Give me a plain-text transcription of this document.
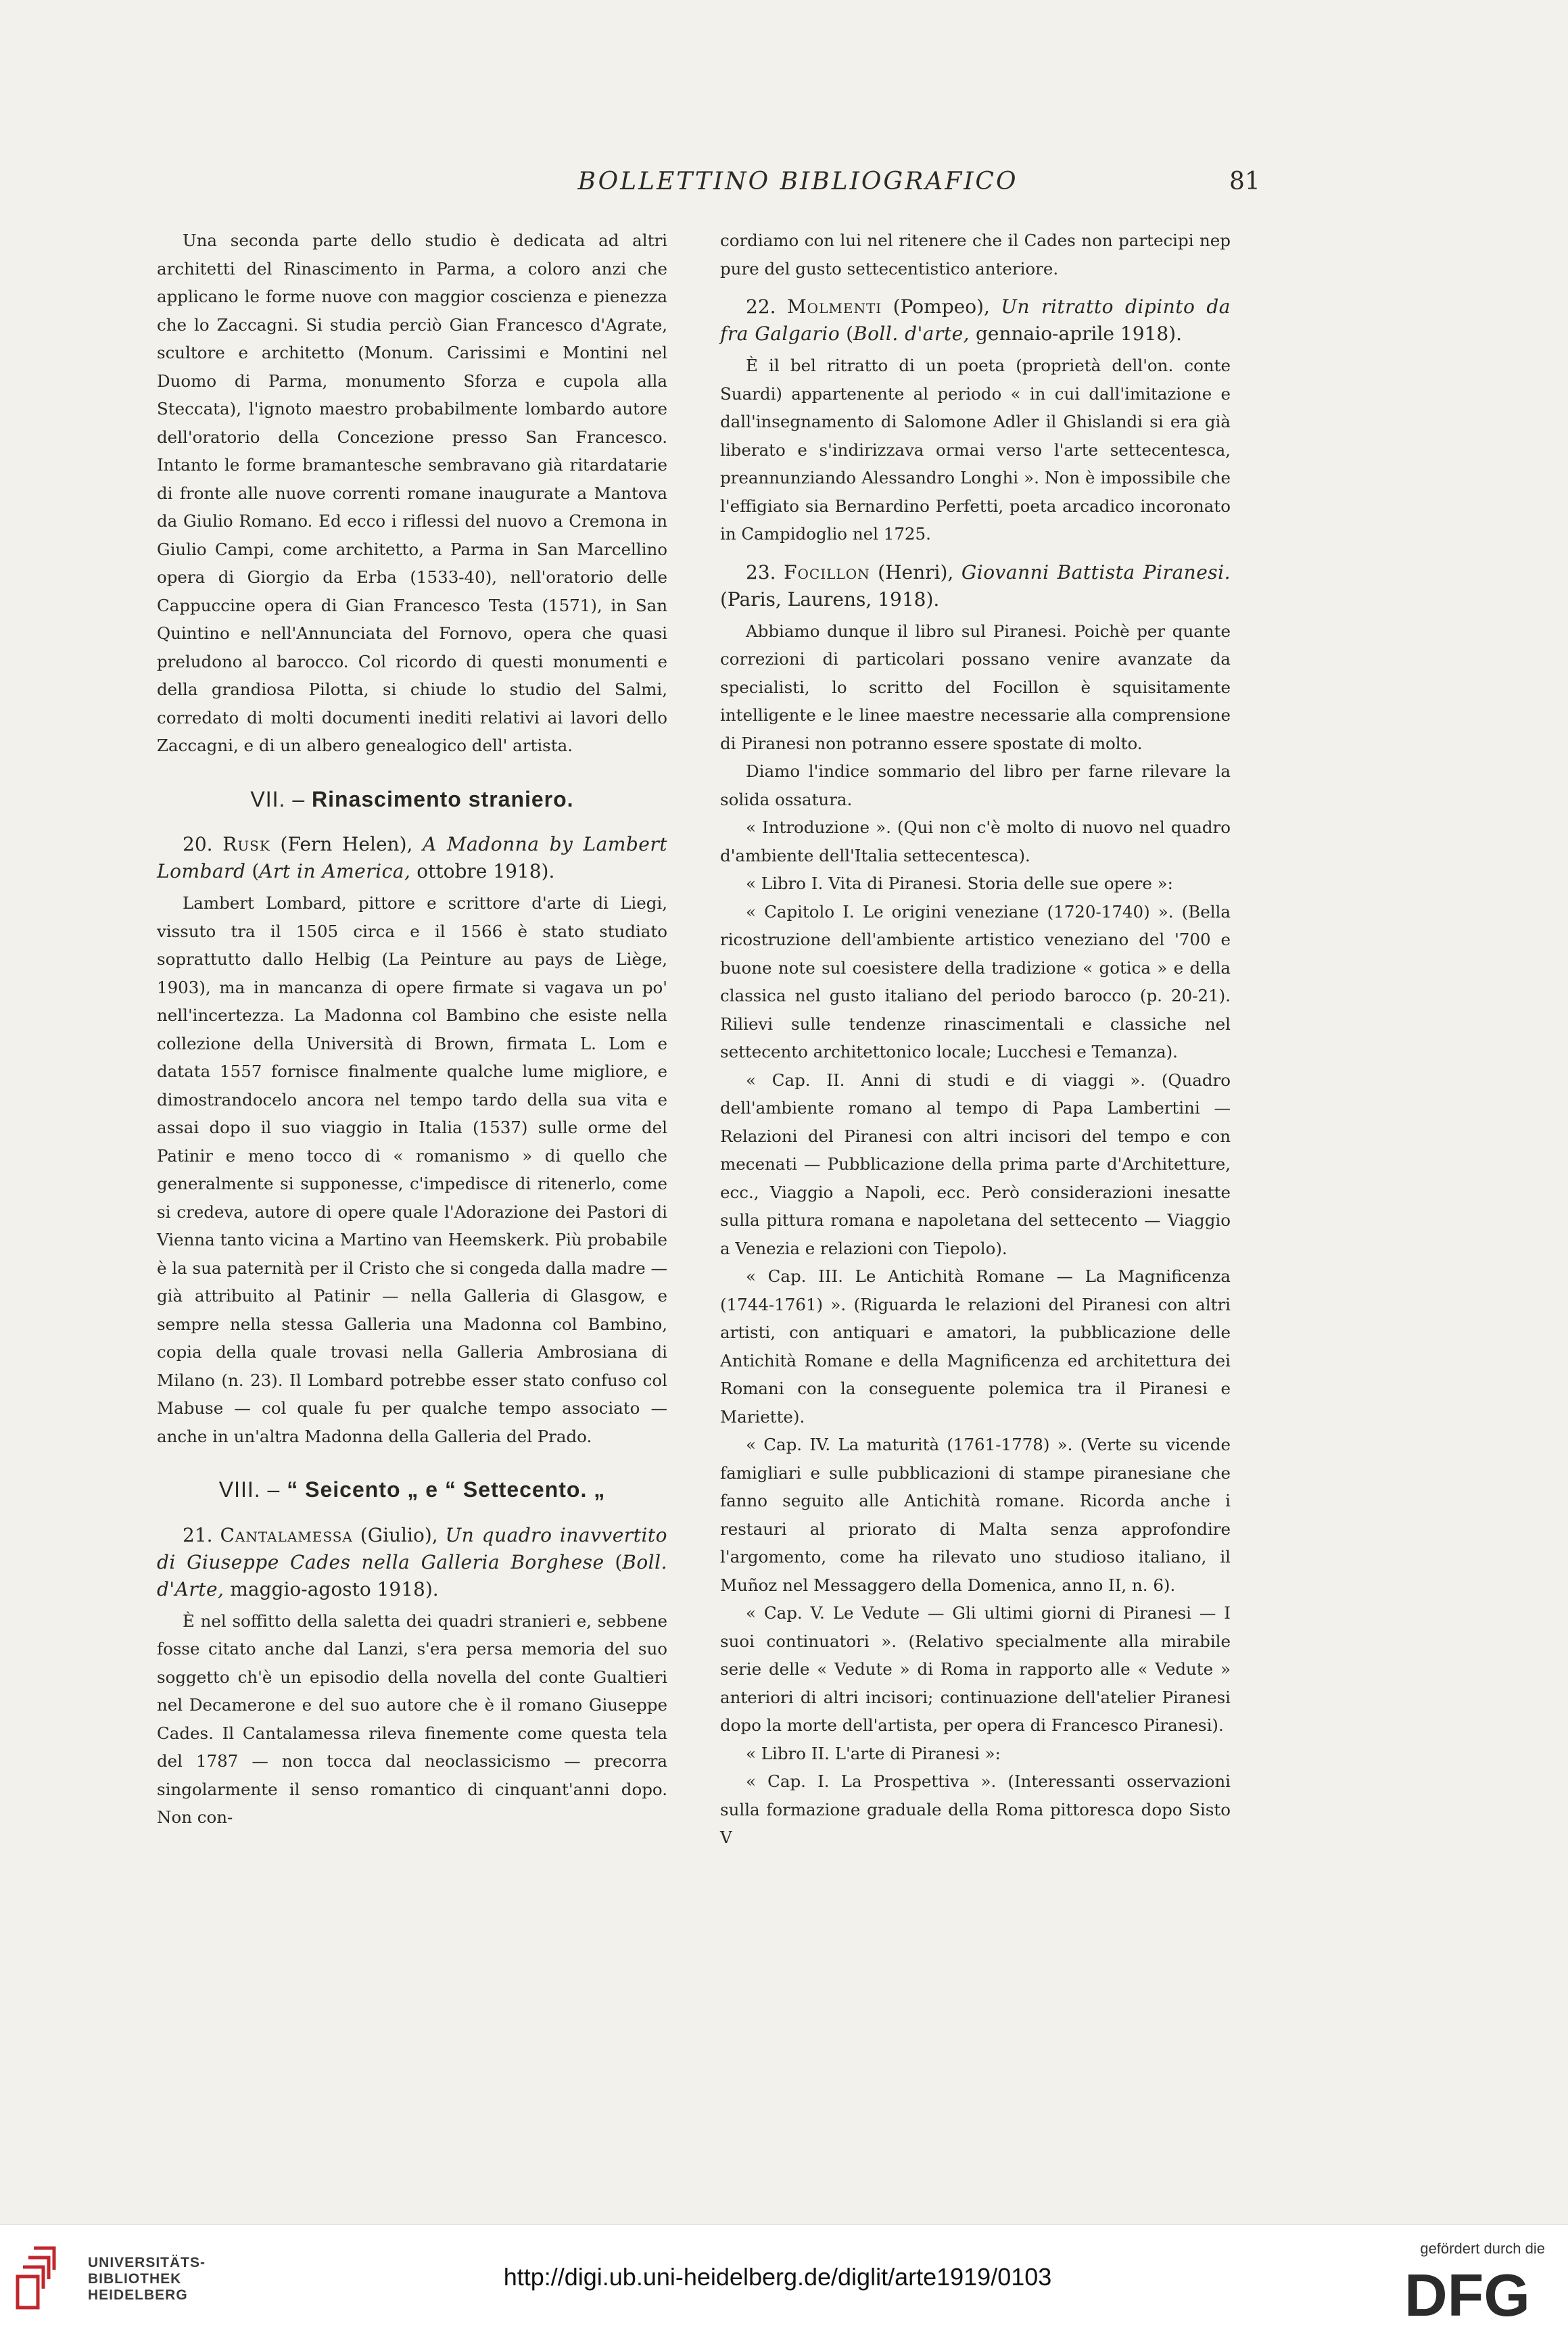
BOLLETTINO BIBLIOGRAFICO	81

Una seconda parte dello studio è dedicata ad altri architetti del Rinascimento in Parma, a coloro anzi che applicano le forme nuove con maggior coscienza e pienezza che lo Zaccagni. Si studia perciò Gian Francesco d'Agrate, scultore e architetto (Monum. Carissimi e Montini nel Duomo di Parma, monumento Sforza e cupola alla Steccata), l'ignoto maestro probabilmente lombardo autore dell'oratorio della Concezione presso San Francesco. Intanto le forme bramantesche sembravano già ritardatarie di fronte alle nuove correnti romane inaugurate a Mantova da Giulio Romano. Ed ecco i riflessi del nuovo a Cremona in Giulio Campi, come architetto, a Parma in San Marcellino opera di Giorgio da Erba (1533-40), nell'oratorio delle Cappuccine opera di Gian Francesco Testa (1571), in San Quintino e nell'Annunciata del Fornovo, opera che quasi preludono al barocco. Col ricordo di questi monumenti e della grandiosa Pilotta, si chiude lo studio del Salmi, corredato di molti documenti inediti relativi ai lavori dello Zaccagni, e di un albero genealogico dell' artista.

VII. – Rinascimento straniero.

20. Rusk (Fern Helen), A Madonna by Lambert Lombard (Art in America, ottobre 1918).

Lambert Lombard, pittore e scrittore d'arte di Liegi, vissuto tra il 1505 circa e il 1566 è stato studiato soprattutto dallo Helbig (La Peinture au pays de Liège, 1903), ma in mancanza di opere firmate si vagava un po' nell'incertezza. La Madonna col Bambino che esiste nella collezione della Università di Brown, firmata L. Lom e datata 1557 fornisce finalmente qualche lume migliore, e dimostrandocelo ancora nel tempo tardo della sua vita e assai dopo il suo viaggio in Italia (1537) sulle orme del Patinir e meno tocco di « romanismo » di quello che generalmente si supponesse, c'impedisce di ritenerlo, come si credeva, autore di opere quale l'Adorazione dei Pastori di Vienna tanto vicina a Martino van Heemskerk. Più probabile è la sua paternità per il Cristo che si congeda dalla madre — già attribuito al Patinir — nella Galleria di Glasgow, e sempre nella stessa Galleria una Madonna col Bambino, copia della quale trovasi nella Galleria Ambrosiana di Milano (n. 23). Il Lombard potrebbe esser stato confuso col Mabuse — col quale fu per qualche tempo associato — anche in un'altra Madonna della Galleria del Prado.

VIII. – “ Seicento „ e “ Settecento. „

21. Cantalamessa (Giulio), Un quadro inavvertito di Giuseppe Cades nella Galleria Borghese (Boll. d'Arte, maggio-agosto 1918).

È nel soffitto della saletta dei quadri stranieri e, sebbene fosse citato anche dal Lanzi, s'era persa memoria del suo soggetto ch'è un episodio della novella del conte Gualtieri nel Decamerone e del suo autore che è il romano Giuseppe Cades. Il Cantalamessa rileva finemente come questa tela del 1787 — non tocca dal neoclassicismo — precorra singolarmente il senso romantico di cinquant'anni dopo. Non con-

cordiamo con lui nel ritenere che il Cades non partecipi nep pure del gusto settecentistico anteriore.

22. Molmenti (Pompeo), Un ritratto dipinto da fra Galgario (Boll. d'arte, gennaio-aprile 1918).

È il bel ritratto di un poeta (proprietà dell'on. conte Suardi) appartenente al periodo « in cui dall'imitazione e dall'insegnamento di Salomone Adler il Ghislandi si era già liberato e s'indirizzava ormai verso l'arte settecentesca, preannunziando Alessandro Longhi ». Non è impossibile che l'effigiato sia Bernardino Perfetti, poeta arcadico incoronato in Campidoglio nel 1725.

23. Focillon (Henri), Giovanni Battista Piranesi. (Paris, Laurens, 1918).

Abbiamo dunque il libro sul Piranesi. Poichè per quante correzioni di particolari possano venire avanzate da specialisti, lo scritto del Focillon è squisitamente intelligente e le linee maestre necessarie alla comprensione di Piranesi non potranno essere spostate di molto.

Diamo l'indice sommario del libro per farne rilevare la solida ossatura.

« Introduzione ». (Qui non c'è molto di nuovo nel quadro d'ambiente dell'Italia settecentesca).

« Libro I. Vita di Piranesi. Storia delle sue opere »:

« Capitolo I. Le origini veneziane (1720-1740) ». (Bella ricostruzione dell'ambiente artistico veneziano del '700 e buone note sul coesistere della tradizione « gotica » e della classica nel gusto italiano del periodo barocco (p. 20-21). Rilievi sulle tendenze rinascimentali e classiche nel settecento architettonico locale; Lucchesi e Temanza).

« Cap. II. Anni di studi e di viaggi ». (Quadro dell'ambiente romano al tempo di Papa Lambertini — Relazioni del Piranesi con altri incisori del tempo e con mecenati — Pubblicazione della prima parte d'Architetture, ecc., Viaggio a Napoli, ecc. Però considerazioni inesatte sulla pittura romana e napoletana del settecento — Viaggio a Venezia e relazioni con Tiepolo).

« Cap. III. Le Antichità Romane — La Magnificenza (1744-1761) ». (Riguarda le relazioni del Piranesi con altri artisti, con antiquari e amatori, la pubblicazione delle Antichità Romane e della Magnificenza ed architettura dei Romani con la conseguente polemica tra il Piranesi e Mariette).

« Cap. IV. La maturità (1761-1778) ». (Verte su vicende famigliari e sulle pubblicazioni di stampe piranesiane che fanno seguito alle Antichità romane. Ricorda anche i restauri al priorato di Malta senza approfondire l'argomento, come ha rilevato uno studioso italiano, il Muñoz nel Messaggero della Domenica, anno II, n. 6).

« Cap. V. Le Vedute — Gli ultimi giorni di Piranesi — I suoi continuatori ». (Relativo specialmente alla mirabile serie delle « Vedute » di Roma in rapporto alle « Vedute » anteriori di altri incisori; continuazione dell'atelier Piranesi dopo la morte dell'artista, per opera di Francesco Piranesi).

« Libro II. L'arte di Piranesi »:

« Cap. I. La Prospettiva ». (Interessanti osservazioni sulla formazione graduale della Roma pittoresca dopo Sisto V

UNIVERSITÄTS-
BIBLIOTHEK
HEIDELBERG
http://digi.ub.uni-heidelberg.de/diglit/arte1919/0103
gefördert durch die
DFG
